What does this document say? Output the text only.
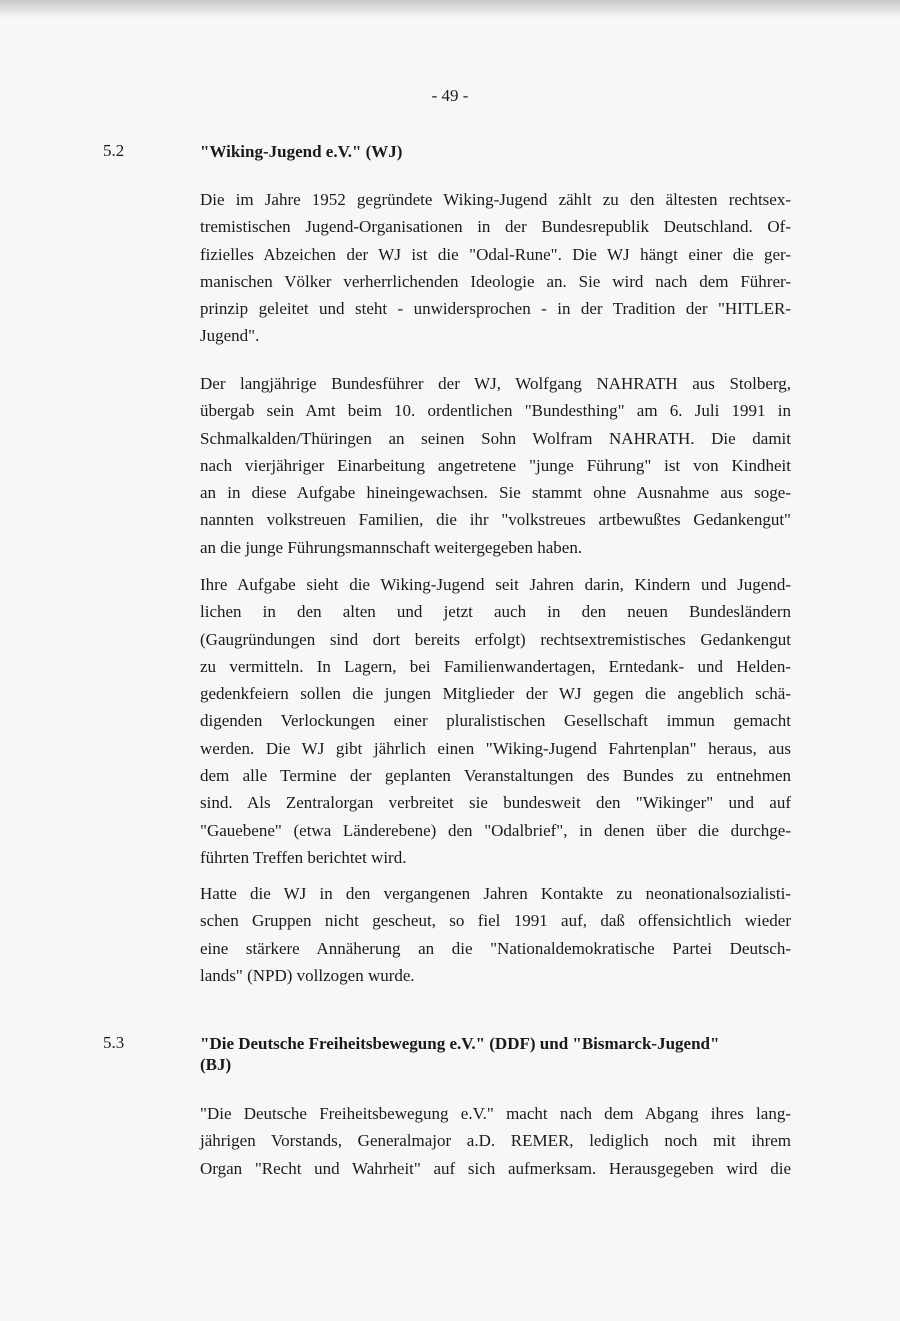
- 49 -
5.2	"Wiking-Jugend e.V." (WJ)
Die im Jahre 1952 gegründete Wiking-Jugend zählt zu den ältesten rechtsex-
tremistischen Jugend-Organisationen in der Bundesrepublik Deutschland. Of-
fizielles Abzeichen der WJ ist die "Odal-Rune". Die WJ hängt einer die ger-
manischen Völker verherrlichenden Ideologie an. Sie wird nach dem Führer-
prinzip geleitet und steht - unwidersprochen - in der Tradition der "HITLER-
Jugend".
Der langjährige Bundesführer der WJ, Wolfgang NAHRATH aus Stolberg,
übergab sein Amt beim 10. ordentlichen "Bundesthing" am 6. Juli 1991 in
Schmalkalden/Thüringen an seinen Sohn Wolfram NAHRATH. Die damit
nach vierjähriger Einarbeitung angetretene "junge Führung" ist von Kindheit
an in diese Aufgabe hineingewachsen. Sie stammt ohne Ausnahme aus soge-
nannten volkstreuen Familien, die ihr "volkstreues artbewußtes Gedankengut"
an die junge Führungsmannschaft weitergegeben haben.
Ihre Aufgabe sieht die Wiking-Jugend seit Jahren darin, Kindern und Jugend-
lichen in den alten und jetzt auch in den neuen Bundesländern
(Gaugründungen sind dort bereits erfolgt) rechtsextremistisches Gedankengut
zu vermitteln. In Lagern, bei Familienwandertagen, Erntedank- und Helden-
gedenkfeiern sollen die jungen Mitglieder der WJ gegen die angeblich schä-
digenden Verlockungen einer pluralistischen Gesellschaft immun gemacht
werden. Die WJ gibt jährlich einen "Wiking-Jugend Fahrtenplan" heraus, aus
dem alle Termine der geplanten Veranstaltungen des Bundes zu entnehmen
sind. Als Zentralorgan verbreitet sie bundesweit den "Wikinger" und auf
"Gauebene" (etwa Länderebene) den "Odalbrief", in denen über die durchge-
führten Treffen berichtet wird.
Hatte die WJ in den vergangenen Jahren Kontakte zu neonationalsozialisti-
schen Gruppen nicht gescheut, so fiel 1991 auf, daß offensichtlich wieder
eine stärkere Annäherung an die "Nationaldemokratische Partei Deutsch-
lands" (NPD) vollzogen wurde.
5.3	"Die Deutsche Freiheitsbewegung e.V." (DDF) und "Bismarck-Jugend"
(BJ)
"Die Deutsche Freiheitsbewegung e.V." macht nach dem Abgang ihres lang-
jährigen Vorstands, Generalmajor a.D. REMER, lediglich noch mit ihrem
Organ "Recht und Wahrheit" auf sich aufmerksam. Herausgegeben wird die
